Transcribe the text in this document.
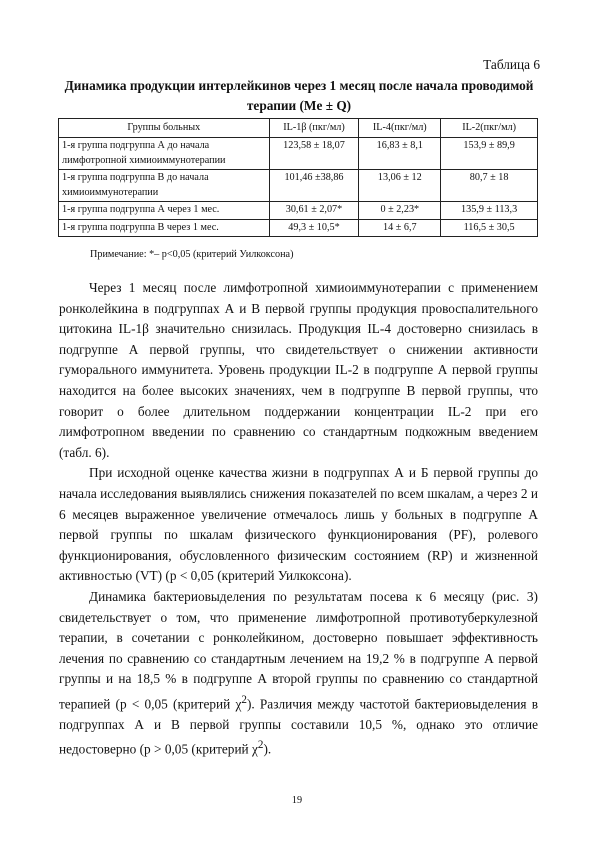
Таблица 6
Динамика продукции интерлейкинов через 1 месяц после начала проводимой терапии (Me ± Q)
Группы больных	IL-1β (пкг/мл)	IL-4(пкг/мл)	IL-2(пкг/мл)
1-я группа подгруппа А до начала
лимфотропной химиоиммунотерапии	123,58 ± 18,07	16,83 ± 8,1	153,9 ± 89,9
1-я группа подгруппа В до начала
химиоиммунотерапии	101,46 ±38,86	13,06 ± 12	80,7 ± 18
1-я группа подгруппа А через 1 мес.	30,61 ± 2,07*	0 ± 2,23*	135,9 ± 113,3
1-я группа подгруппа В через 1 мес.	49,3 ± 10,5*	14 ± 6,7	116,5 ± 30,5
Примечание: *– p<0,05 (критерий Уилкоксона)

Через 1 месяц после лимфотропной химиоиммунотерапии с применением ронколейкина в подгруппах А и В первой группы продукция провоспалительного цитокина IL-1β значительно снизилась. Продукция IL-4 достоверно снизилась в подгруппе А первой группы, что свидетельствует о снижении активности гуморального иммунитета. Уровень продукции IL-2 в подгруппе А первой группы находится на более высоких значениях, чем в подгруппе В первой группы, что говорит о более длительном поддержании концентрации IL-2 при его лимфотропном введении по сравнению со стандартным подкожным введением (табл. 6).

При исходной оценке качества жизни в подгруппах А и Б первой группы до начала исследования выявлялись снижения показателей по всем шкалам, а через 2 и 6 месяцев выраженное увеличение отмечалось лишь у больных в подгруппе А первой группы по шкалам физического функционирования (PF), ролевого функционирования, обусловленного физическим состоянием (RP) и жизненной активностью (VT) (p < 0,05 (критерий Уилкоксона).

Динамика бактериовыделения по результатам посева к 6 месяцу (рис. 3) свидетельствует о том, что применение лимфотропной противотуберкулезной терапии, в сочетании с ронколейкином, достоверно повышает эффективность лечения по сравнению со стандартным лечением на 19,2 % в подгруппе А первой группы и на 18,5 % в подгруппе А второй группы по сравнению со стандартной терапией (p < 0,05 (критерий $\chi^2$). Различия между частотой бактериовыделения в подгруппах А и В первой группы составили 10,5 %, однако это отличие недостоверно (p > 0,05 (критерий $\chi^2$).

19
